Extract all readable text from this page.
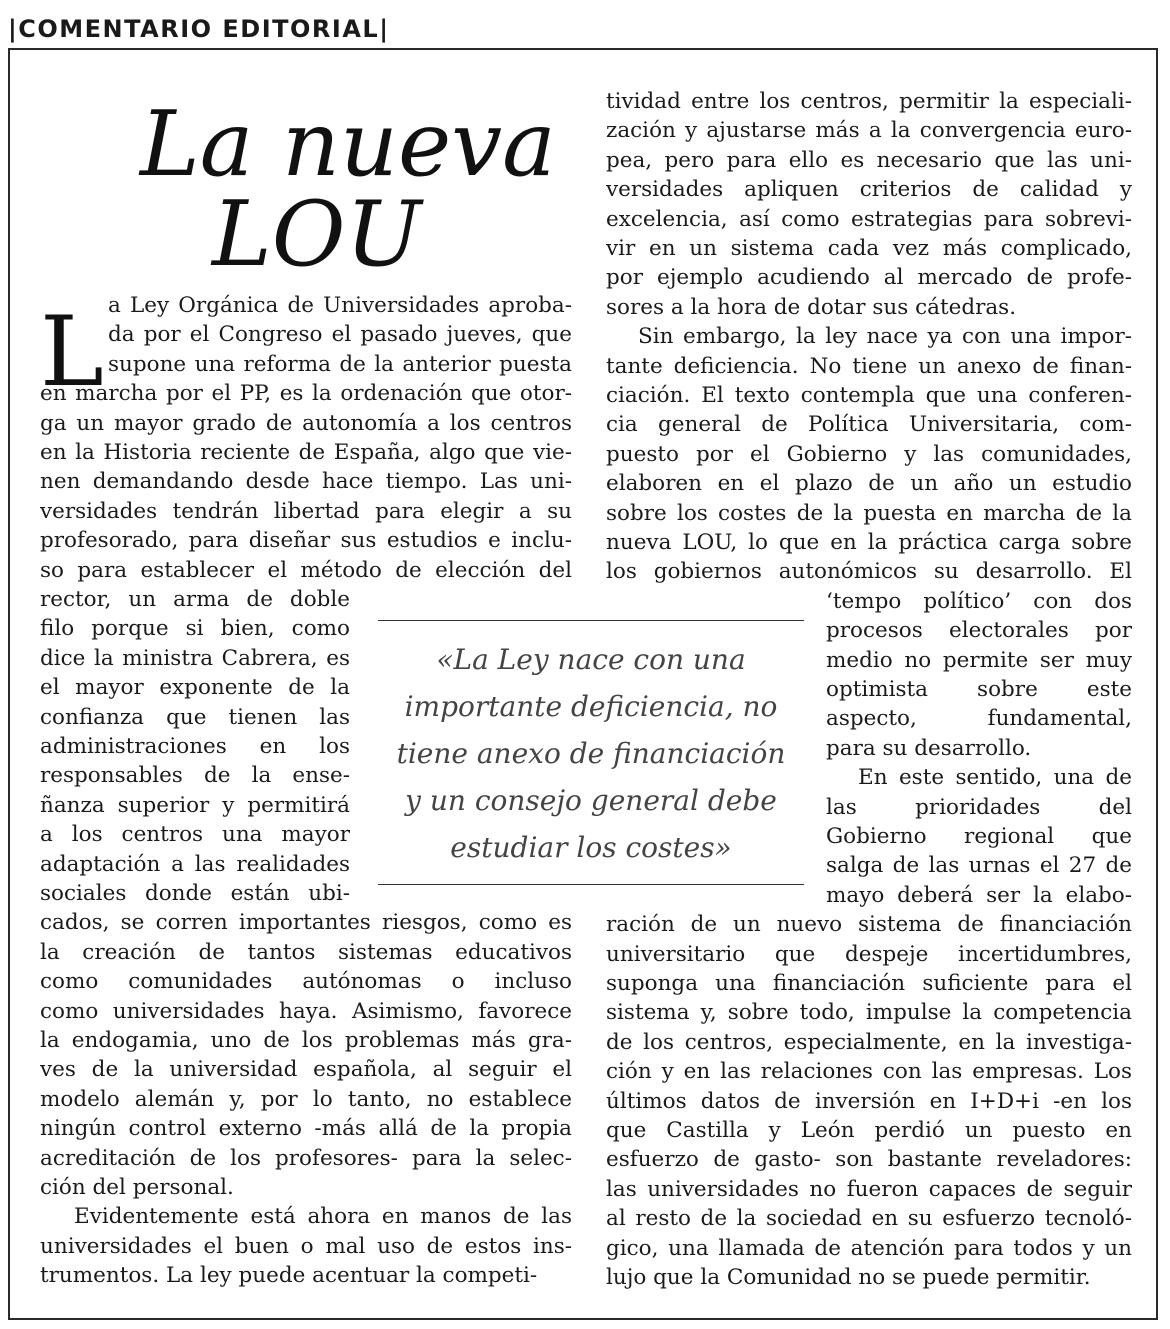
|COMENTARIO EDITORIAL|
La nueva
LOU
L
«La Ley nace con una
importante deficiencia, no
tiene anexo de financiación
y un consejo general debe
estudiar los costes»
a Ley Orgánica de Universidades aproba-
da por el Congreso el pasado jueves, que
supone una reforma de la anterior puesta
en marcha por el PP, es la ordenación que otor-
ga un mayor grado de autonomía a los centros
en la Historia reciente de España, algo que vie-
nen demandando desde hace tiempo. Las uni-
versidades tendrán libertad para elegir a su
profesorado, para diseñar sus estudios e inclu-
so para establecer el método de elección del
rector, un arma de doble
filo porque si bien, como
dice la ministra Cabrera, es
el mayor exponente de la
confianza que tienen las
administraciones en los
responsables de la ense-
ñanza superior y permitirá
a los centros una mayor
adaptación a las realidades
sociales donde están ubi-
cados, se corren importantes riesgos, como es
la creación de tantos sistemas educativos
como comunidades autónomas o incluso
como universidades haya. Asimismo, favorece
la endogamia, uno de los problemas más gra-
ves de la universidad española, al seguir el
modelo alemán y, por lo tanto, no establece
ningún control externo -más allá de la propia
acreditación de los profesores- para la selec-
ción del personal.
Evidentemente está ahora en manos de las
universidades el buen o mal uso de estos ins-
trumentos. La ley puede acentuar la competi-
tividad entre los centros, permitir la especiali-
zación y ajustarse más a la convergencia euro-
pea, pero para ello es necesario que las uni-
versidades apliquen criterios de calidad y
excelencia, así como estrategias para sobrevi-
vir en un sistema cada vez más complicado,
por ejemplo acudiendo al mercado de profe-
sores a la hora de dotar sus cátedras.
Sin embargo, la ley nace ya con una impor-
tante deficiencia. No tiene un anexo de finan-
ciación. El texto contempla que una conferen-
cia general de Política Universitaria, com-
puesto por el Gobierno y las comunidades,
elaboren en el plazo de un año un estudio
sobre los costes de la puesta en marcha de la
nueva LOU, lo que en la práctica carga sobre
los gobiernos autonómicos su desarrollo. El
‘tempo político’ con dos
procesos electorales por
medio no permite ser muy
optimista sobre este
aspecto, fundamental,
para su desarrollo.
En este sentido, una de
las prioridades del
Gobierno regional que
salga de las urnas el 27 de
mayo deberá ser la elabo-
ración de un nuevo sistema de financiación
universitario que despeje incertidumbres,
suponga una financiación suficiente para el
sistema y, sobre todo, impulse la competencia
de los centros, especialmente, en la investiga-
ción y en las relaciones con las empresas. Los
últimos datos de inversión en I+D+i -en los
que Castilla y León perdió un puesto en
esfuerzo de gasto- son bastante reveladores:
las universidades no fueron capaces de seguir
al resto de la sociedad en su esfuerzo tecnoló-
gico, una llamada de atención para todos y un
lujo que la Comunidad no se puede permitir.
